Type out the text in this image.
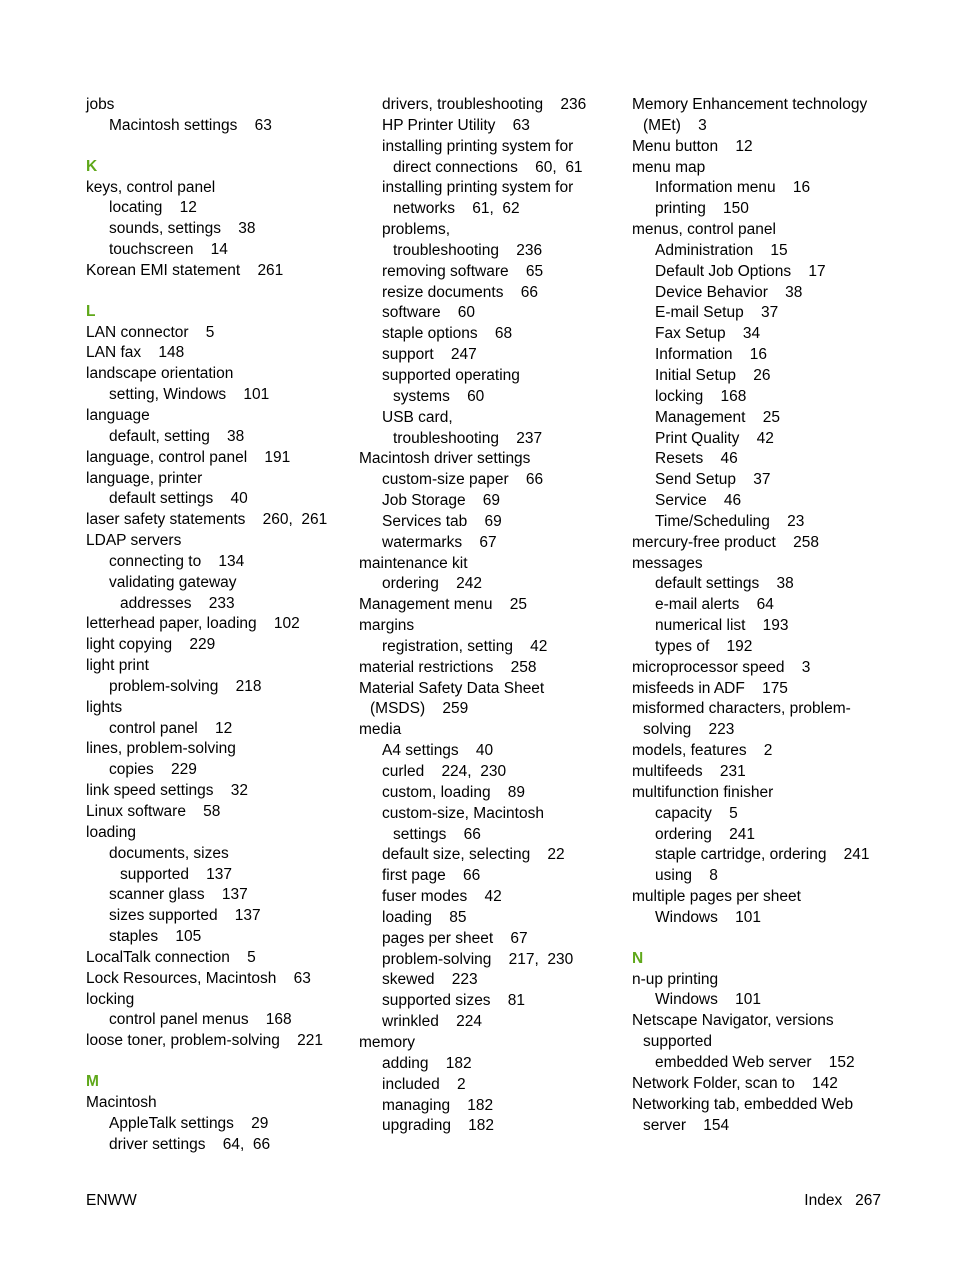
jobs
Macintosh settings    63
K
keys, control panel
locating    12
sounds, settings    38
touchscreen    14
Korean EMI statement    261
L
LAN connector    5
LAN fax    148
landscape orientation
setting, Windows    101
language
default, setting    38
language, control panel    191
language, printer
default settings    40
laser safety statements    260,  261
LDAP servers
connecting to    134
validating gateway
addresses    233
letterhead paper, loading    102
light copying    229
light print
problem-solving    218
lights
control panel    12
lines, problem-solving
copies    229
link speed settings    32
Linux software    58
loading
documents, sizes
supported    137
scanner glass    137
sizes supported    137
staples    105
LocalTalk connection    5
Lock Resources, Macintosh    63
locking
control panel menus    168
loose toner, problem-solving    221
M
Macintosh
AppleTalk settings    29
driver settings    64,  66
drivers, troubleshooting    236
HP Printer Utility    63
installing printing system for
direct connections    60,  61
installing printing system for
networks    61,  62
problems,
troubleshooting    236
removing software    65
resize documents    66
software    60
staple options    68
support    247
supported operating
systems    60
USB card,
troubleshooting    237
Macintosh driver settings
custom-size paper    66
Job Storage    69
Services tab    69
watermarks    67
maintenance kit
ordering    242
Management menu    25
margins
registration, setting    42
material restrictions    258
Material Safety Data Sheet
(MSDS)    259
media
A4 settings    40
curled    224,  230
custom, loading    89
custom-size, Macintosh
settings    66
default size, selecting    22
first page    66
fuser modes    42
loading    85
pages per sheet    67
problem-solving    217,  230
skewed    223
supported sizes    81
wrinkled    224
memory
adding    182
included    2
managing    182
upgrading    182
Memory Enhancement technology
(MEt)    3
Menu button    12
menu map
Information menu    16
printing    150
menus, control panel
Administration    15
Default Job Options    17
Device Behavior    38
E-mail Setup    37
Fax Setup    34
Information    16
Initial Setup    26
locking    168
Management    25
Print Quality    42
Resets    46
Send Setup    37
Service    46
Time/Scheduling    23
mercury-free product    258
messages
default settings    38
e-mail alerts    64
numerical list    193
types of    192
microprocessor speed    3
misfeeds in ADF    175
misformed characters, problem-
solving    223
models, features    2
multifeeds    231
multifunction finisher
capacity    5
ordering    241
staple cartridge, ordering    241
using    8
multiple pages per sheet
Windows    101
N
n-up printing
Windows    101
Netscape Navigator, versions
supported
embedded Web server    152
Network Folder, scan to    142
Networking tab, embedded Web
server    154
ENWW	Index   267
